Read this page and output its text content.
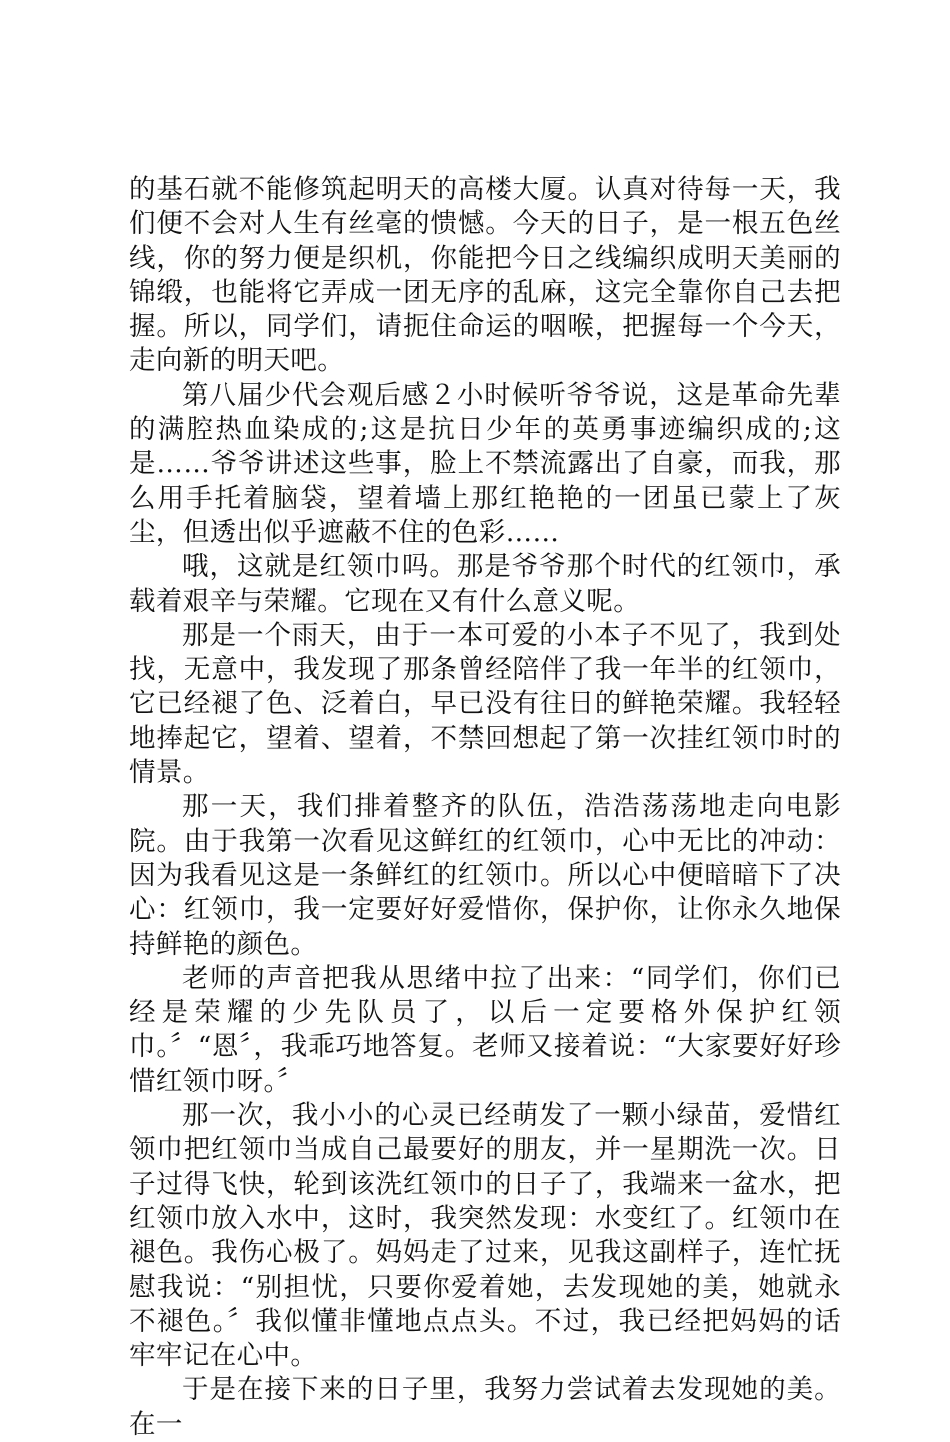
的基石就不能修筑起明天的高楼大厦。认真对待每一天，我们便不会对人生有丝毫的愦憾。今天的日子，是一根五色丝线，你的努力便是织机，你能把今日之线编织成明天美丽的锦缎，也能将它弄成一团无序的乱麻，这完全靠你自己去把握。所以，同学们，请扼住命运的咽喉，把握每一个今天，走向新的明天吧。

第八届少代会观后感２小时候听爷爷说，这是革命先辈的满腔热血染成的;这是抗日少年的英勇事迹编织成的;这是……爷爷讲述这些事，脸上不禁流露出了自豪，而我，那么用手托着脑袋，望着墙上那红艳艳的一团虽已蒙上了灰尘，但透出似乎遮蔽不住的色彩……

哦，这就是红领巾吗。那是爷爷那个时代的红领巾，承载着艰辛与荣耀。它现在又有什么意义呢。

那是一个雨天，由于一本可爱的小本子不见了，我到处找，无意中，我发现了那条曾经陪伴了我一年半的红领巾，它已经褪了色、泛着白，早已没有往日的鲜艳荣耀。我轻轻地捧起它，望着、望着，不禁回想起了第一次挂红领巾时的情景。

那一天，我们排着整齐的队伍，浩浩荡荡地走向电影院。由于我第一次看见这鲜红的红领巾，心中无比的冲动：因为我看见这是一条鲜红的红领巾。所以心中便暗暗下了决心：红领巾，我一定要好好爱惜你，保护你，让你永久地保持鲜艳的颜色。

老师的声音把我从思绪中拉了出来：“同学们，你们已经是荣耀的少先队员了，以后一定要格外保护红领巾。〞“恩〞，我乖巧地答复。老师又接着说：“大家要好好珍惜红领巾呀。〞

那一次，我小小的心灵已经萌发了一颗小绿苗，爱惜红领巾把红领巾当成自己最要好的朋友，并一星期洗一次。日子过得飞快，轮到该洗红领巾的日子了，我端来一盆水，把红领巾放入水中，这时，我突然发现：水变红了。红领巾在褪色。我伤心极了。妈妈走了过来，见我这副样子，连忙抚慰我说：“别担忧，只要你爱着她，去发现她的美，她就永不褪色。〞我似懂非懂地点点头。不过，我已经把妈妈的话牢牢记在心中。

于是在接下来的日子里，我努力尝试着去发现她的美。在一
